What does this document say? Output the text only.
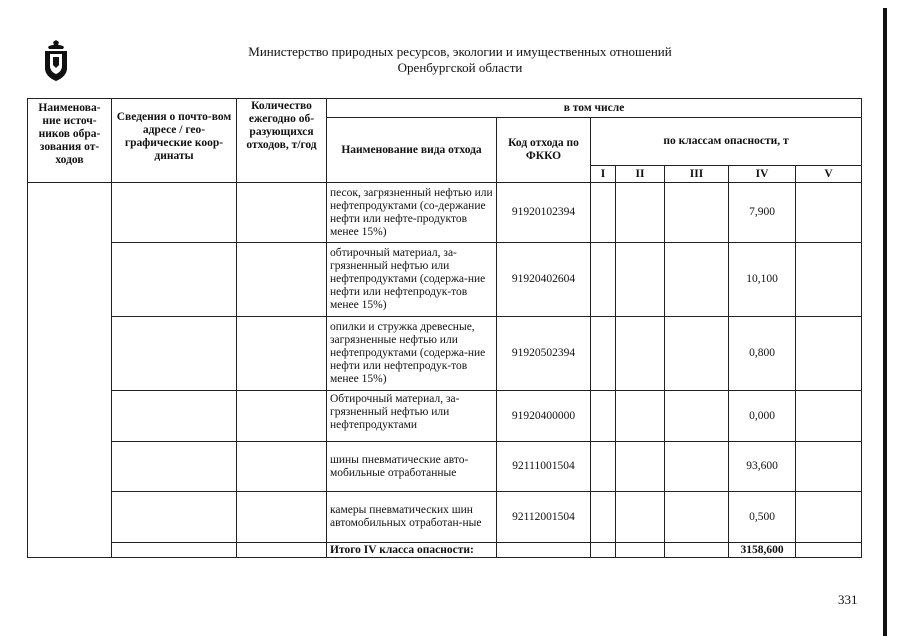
Министерство природных ресурсов, экологии и имущественных отношений
Оренбургской области
Наименова-ние источ-ников обра-зования от-ходов	Сведения о почто-вом адресе / гео-графические коор-динаты	Количество ежегодно об-разующихся отходов, т/год	в том числе						
			Наименование вида отхода	Код отхода по ФККО	по классам опасности, т				
					I	II	III	IV	V
			песок, загрязненный нефтью или нефтепродуктами (со-держание нефти или нефте-продуктов менее 15%)	91920102394				7,900	
			обтирочный материал, за-грязненный нефтью или нефтепродуктами (содержа-ние нефти или нефтепродук-тов менее 15%)	91920402604				10,100	
			опилки и стружка древесные, загрязненные нефтью или нефтепродуктами (содержа-ние нефти или нефтепродук-тов менее 15%)	91920502394				0,800	
			Обтирочный материал, за-грязненный нефтью или нефтепродуктами	91920400000				0,000	
			шины пневматические авто-мобильные отработанные	92111001504				93,600	
			камеры пневматических шин автомобильных отработан-ные	92112001504				0,500	
			Итого IV класса опасности:					3158,600	
331
